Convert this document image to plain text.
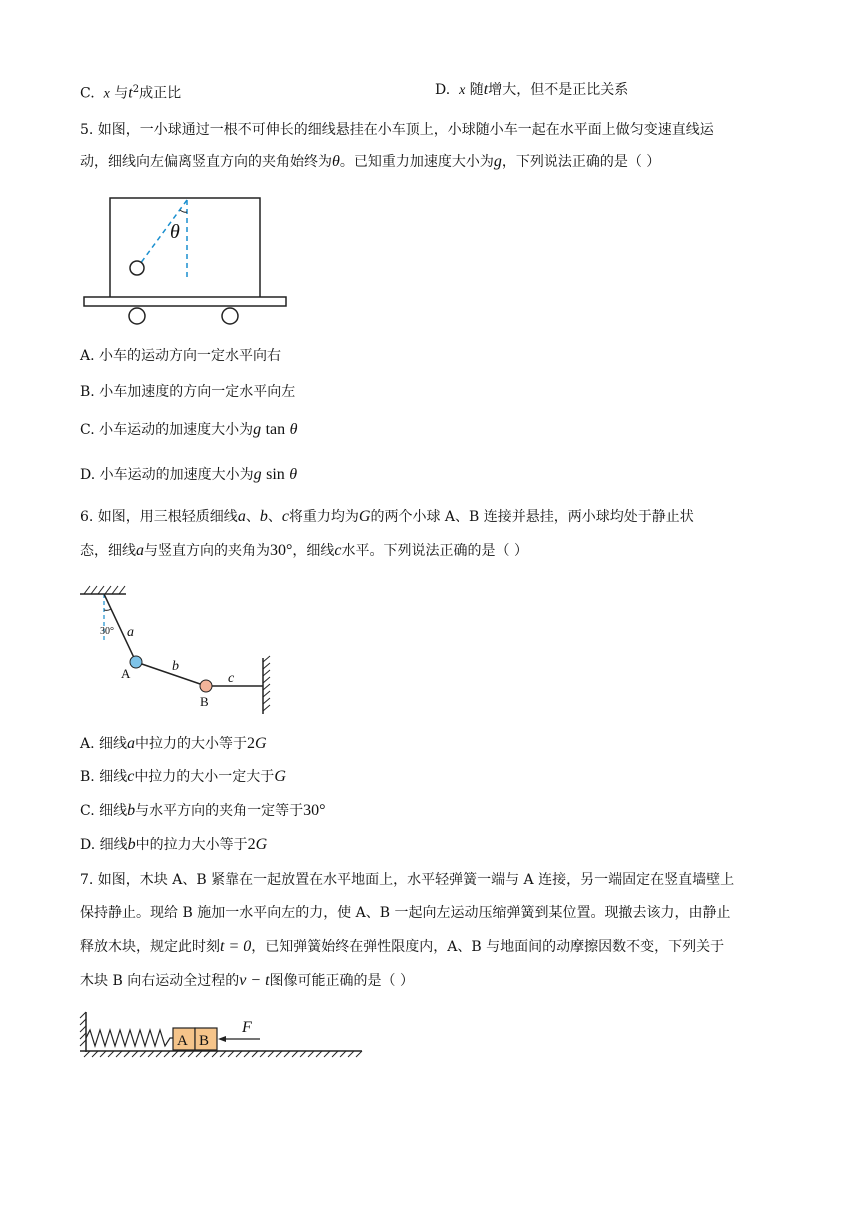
C. x 与$t^2$成正比	D. x 随t增大，但不是正比关系
5. 如图，一小球通过一根不可伸长的细线悬挂在小车顶上，小球随小车一起在水平面上做匀变速直线运
动，细线向左偏离竖直方向的夹角始终为θ。已知重力加速度大小为g，下列说法正确的是（ ）
θ
A. 小车的运动方向一定水平向右
B. 小车加速度的方向一定水平向左
C. 小车运动的加速度大小为g tan θ
D. 小车运动的加速度大小为g sin θ
6. 如图，用三根轻质细线a、b、c将重力均为G的两个小球 A、B 连接并悬挂，两小球均处于静止状
态，细线a与竖直方向的夹角为30°，细线c水平。下列说法正确的是（ ）
30° a
b
c
A
B
A. 细线a中拉力的大小等于2G
B. 细线c中拉力的大小一定大于G
C. 细线b与水平方向的夹角一定等于30°
D. 细线b中的拉力大小等于2G
7. 如图，木块 A、B 紧靠在一起放置在水平地面上，水平轻弹簧一端与 A 连接，另一端固定在竖直墙壁上
保持静止。现给 B 施加一水平向左的力，使 A、B 一起向左运动压缩弹簧到某位置。现撤去该力，由静止
释放木块，规定此时刻t = 0，已知弹簧始终在弹性限度内，A、B 与地面间的动摩擦因数不变，下列关于
木块 B 向右运动全过程的v − t图像可能正确的是（ ）
A B
F
